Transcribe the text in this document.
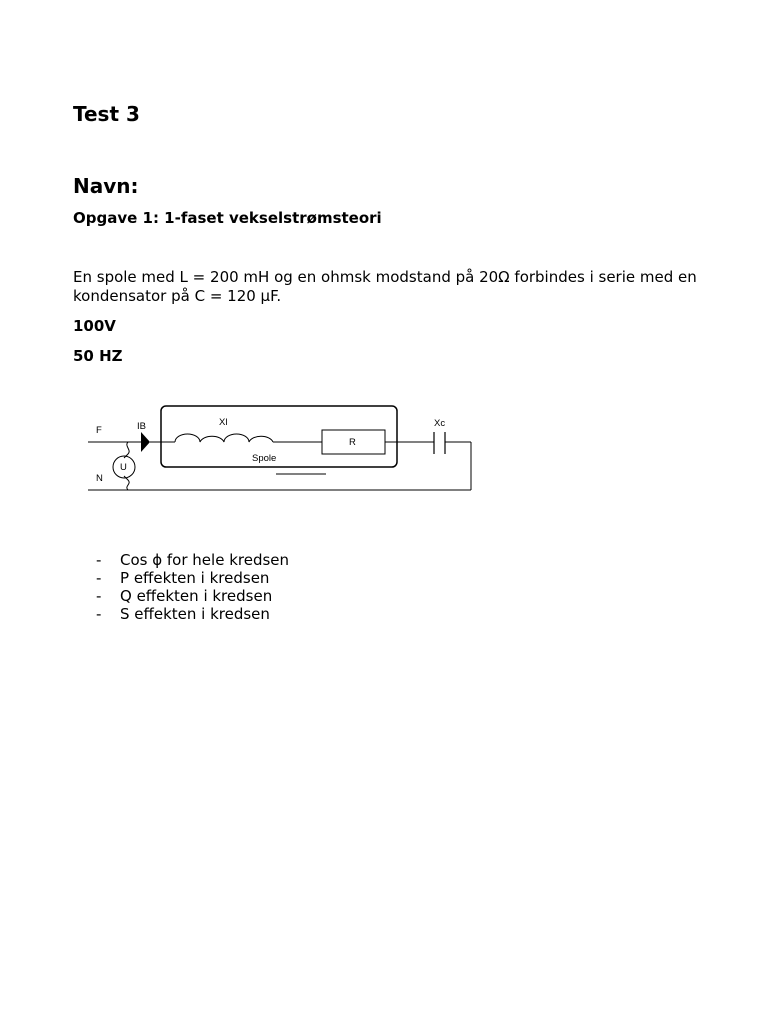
Test 3
Navn:
Opgave 1: 1-faset vekselstrømsteori
En spole med L = 200 mH og en ohmsk modstand på 20Ω forbindes i serie med en kondensator på C = 120 µF.
100V
50 HZ
F
N
IB
U
Xl
Spole
R
Xc
- Cos ϕ for hele kredsen
- P effekten i kredsen
- Q effekten i kredsen
- S effekten i kredsen
